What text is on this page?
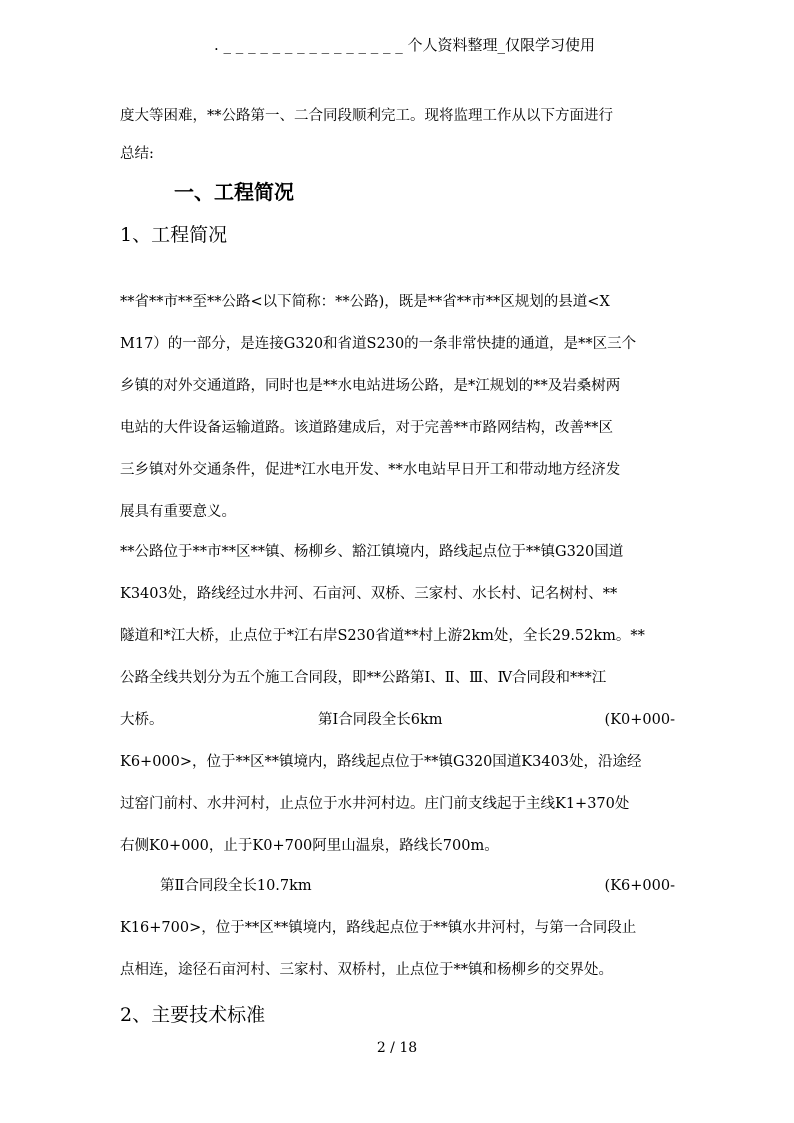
. _ _ _ _ _ _ _ _ _ _ _ _ _ _ _ 个人资料整理_仅限学习使用
度大等困难，**公路第一、二合同段顺利完工。现将监理工作从以下方面进行
总结:
一、工程简况
1、工程简况
**省**市**至**公路<以下简称：**公路)，既是**省**市**区规划的县道<X
M17）的一部分，是连接G320和省道S230的一条非常快捷的通道，是**区三个
乡镇的对外交通道路，同时也是**水电站进场公路，是*江规划的**及岩桑树两
电站的大件设备运输道路。该道路建成后，对于完善**市路网结构，改善**区
三乡镇对外交通条件，促进*江水电开发、**水电站早日开工和带动地方经济发
展具有重要意义。
**公路位于**市**区**镇、杨柳乡、豁江镇境内，路线起点位于**镇G320国道
K3403处，路线经过水井河、石亩河、双桥、三家村、水长村、记名树村、**
隧道和*江大桥，止点位于*江右岸S230省道**村上游2km处，全长29.52km。**
公路全线共划分为五个施工合同段，即**公路第Ⅰ、Ⅱ、Ⅲ、Ⅳ合同段和***江
大桥。	第Ⅰ合同段全长6km	(K0+000-
K6+000>，位于**区**镇境内，路线起点位于**镇G320国道K3403处，沿途经
过窑门前村、水井河村，止点位于水井河村边。庄门前支线起于主线K1+370处
右侧K0+000，止于K0+700阿里山温泉，路线长700m。
第Ⅱ合同段全长10.7km	(K6+000-
K16+700>，位于**区**镇境内，路线起点位于**镇水井河村，与第一合同段止
点相连，途径石亩河村、三家村、双桥村，止点位于**镇和杨柳乡的交界处。
2、主要技术标准
2 / 18
